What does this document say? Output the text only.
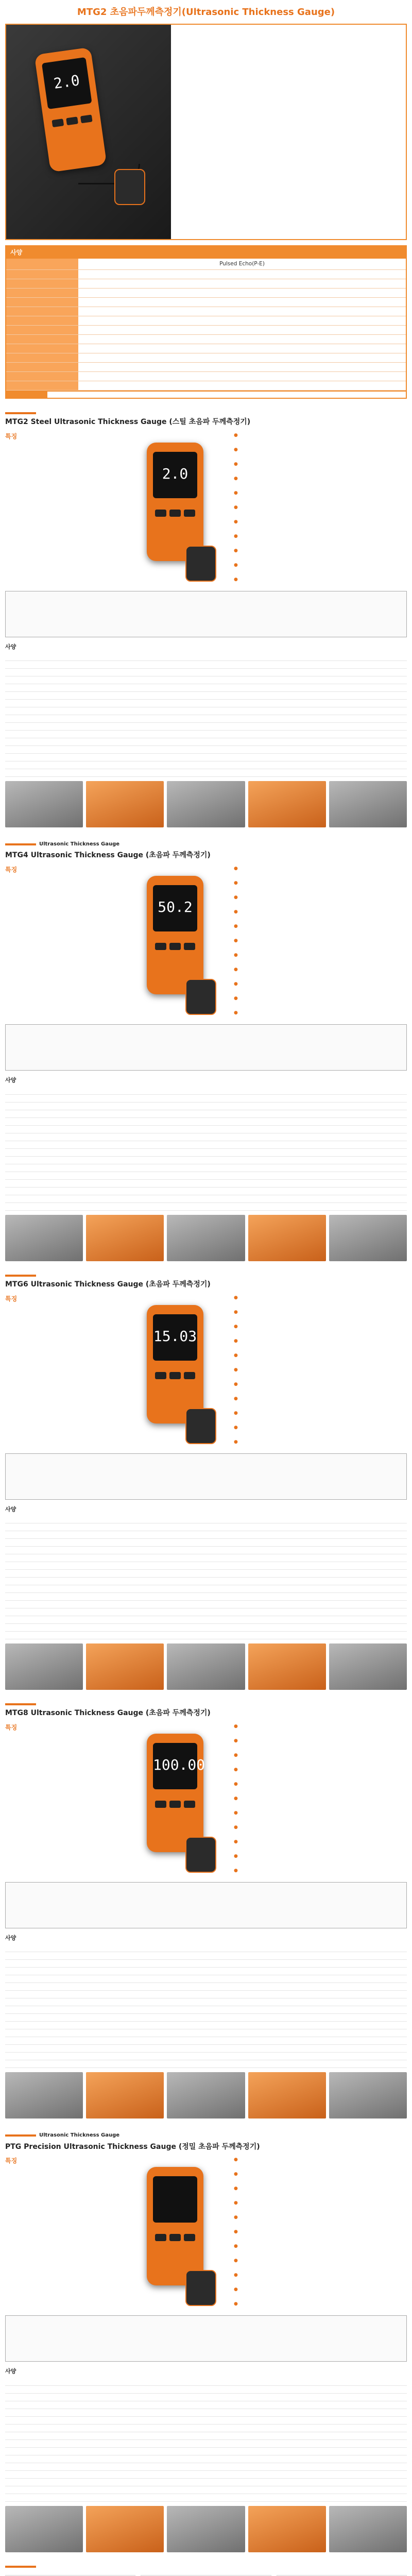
MTG2 초음파두께측정기(Ultrasonic Thickness Gauge)
2.0

사양
	Pulsed Echo(P-E)

MTG2 Steel Ultrasonic Thickness Gauge (스틸 초음파 두께측정기)
특징
2.0
●
●
●
●
●
●
●
●
●
●
●
사양

Ultrasonic Thickness Gauge
MTG4 Ultrasonic Thickness Gauge (초음파 두께측정기)
특징
50.2
●
●
●
●
●
●
●
●
●
●
●
사양

MTG6 Ultrasonic Thickness Gauge (초음파 두께측정기)
특징
15.03
●
●
●
●
●
●
●
●
●
●
●
사양

MTG8 Ultrasonic Thickness Gauge (초음파 두께측정기)
특징
100.00
●
●
●
●
●
●
●
●
●
●
●
사양

Ultrasonic Thickness Gauge
PTG Precision Ultrasonic Thickness Gauge (정밀 초음파 두께측정기)
특징
●
●
●
●
●
●
●
●
●
●
●
사양
